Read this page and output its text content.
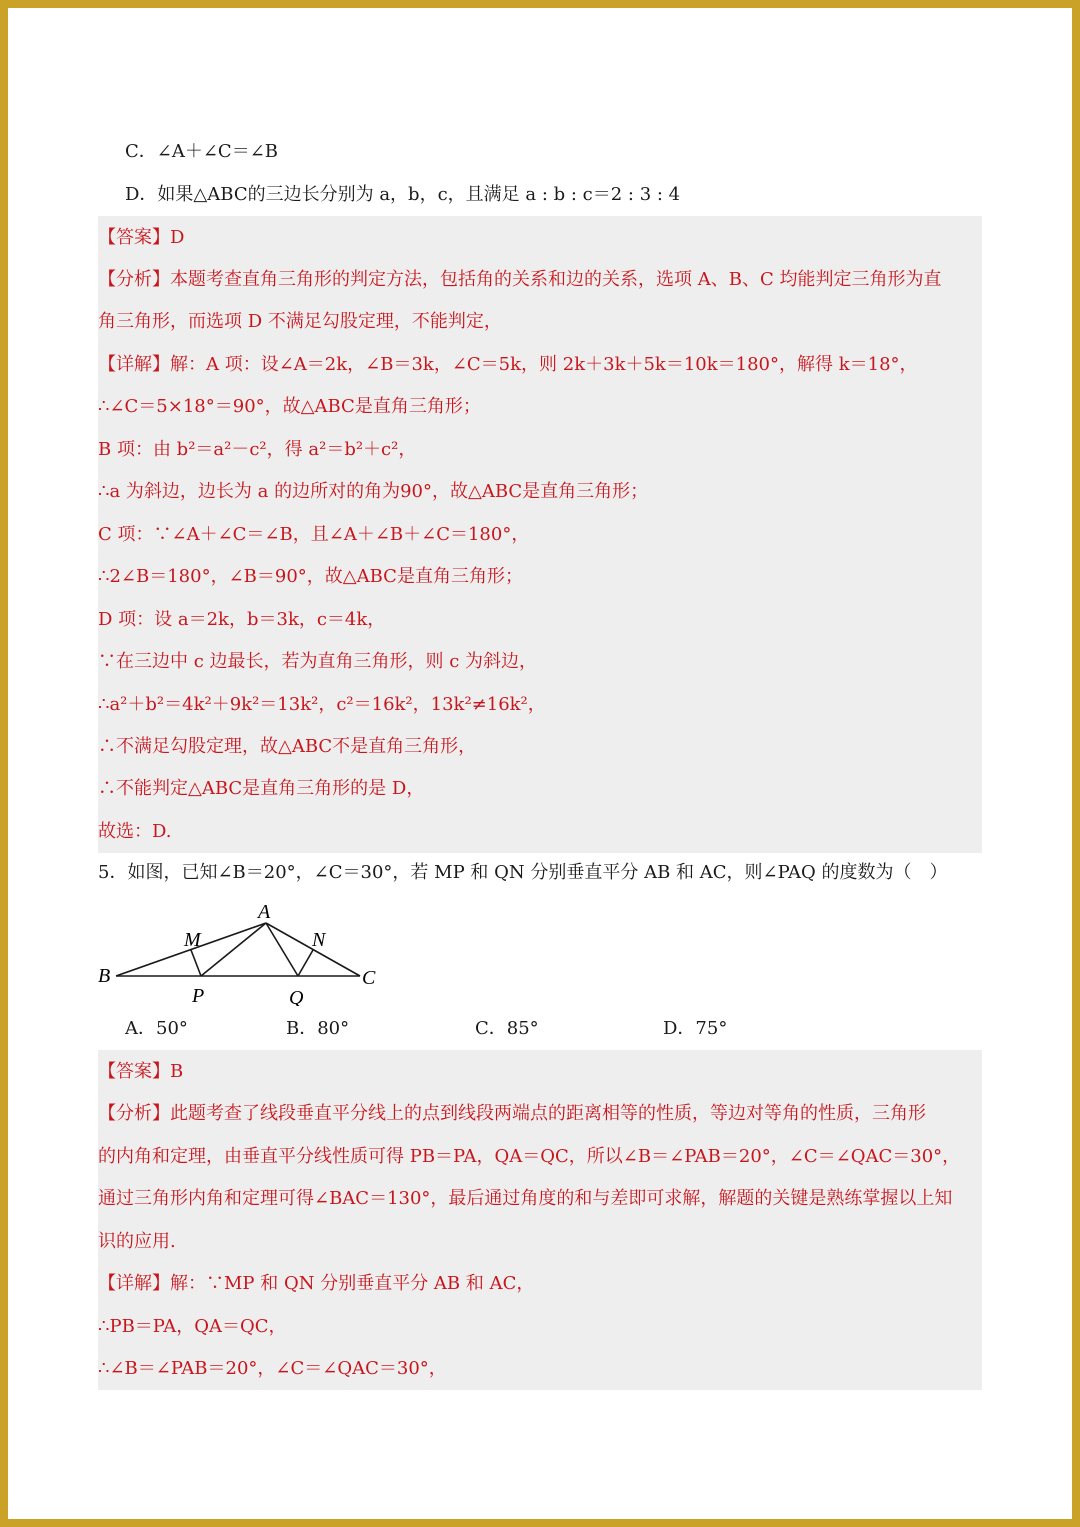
C．∠A＋∠C＝∠B
D．如果△ABC的三边长分别为 a，b，c，且满足 a : b : c＝2 : 3 : 4
【答案】D
【分析】本题考查直角三角形的判定方法，包括角的关系和边的关系，选项 A、B、C 均能判定三角形为直
角三角形，而选项 D 不满足勾股定理，不能判定，
【详解】解：A 项：设∠A＝2k，∠B＝3k，∠C＝5k，则 2k＋3k＋5k＝10k＝180°，解得 k＝18°，
∴∠C＝5×18°＝90°，故△ABC是直角三角形；
B 项：由 b²＝a²－c²，得 a²＝b²＋c²，
∴a 为斜边，边长为 a 的边所对的角为90°，故△ABC是直角三角形；
C 项：∵∠A＋∠C＝∠B，且∠A＋∠B＋∠C＝180°，
∴2∠B＝180°，∠B＝90°，故△ABC是直角三角形；
D 项：设 a＝2k，b＝3k，c＝4k，
∵在三边中 c 边最长，若为直角三角形，则 c 为斜边，
∴a²＋b²＝4k²＋9k²＝13k²，c²＝16k²，13k²≠16k²，
∴不满足勾股定理，故△ABC不是直角三角形，
∴不能判定△ABC是直角三角形的是 D，
故选：D.
5．如图，已知∠B＝20°，∠C＝30°，若 MP 和 QN 分别垂直平分 AB 和 AC，则∠PAQ 的度数为（　）
A
B	C
M	N
P	Q
A．50°	B．80°	C．85°	D．75°
【答案】B
【分析】此题考查了线段垂直平分线上的点到线段两端点的距离相等的性质，等边对等角的性质，三角形
的内角和定理，由垂直平分线性质可得 PB＝PA，QA＝QC，所以∠B＝∠PAB＝20°，∠C＝∠QAC＝30°，
通过三角形内角和定理可得∠BAC＝130°，最后通过角度的和与差即可求解，解题的关键是熟练掌握以上知
识的应用.
【详解】解：∵MP 和 QN 分别垂直平分 AB 和 AC，
∴PB＝PA，QA＝QC，
∴∠B＝∠PAB＝20°，∠C＝∠QAC＝30°，
